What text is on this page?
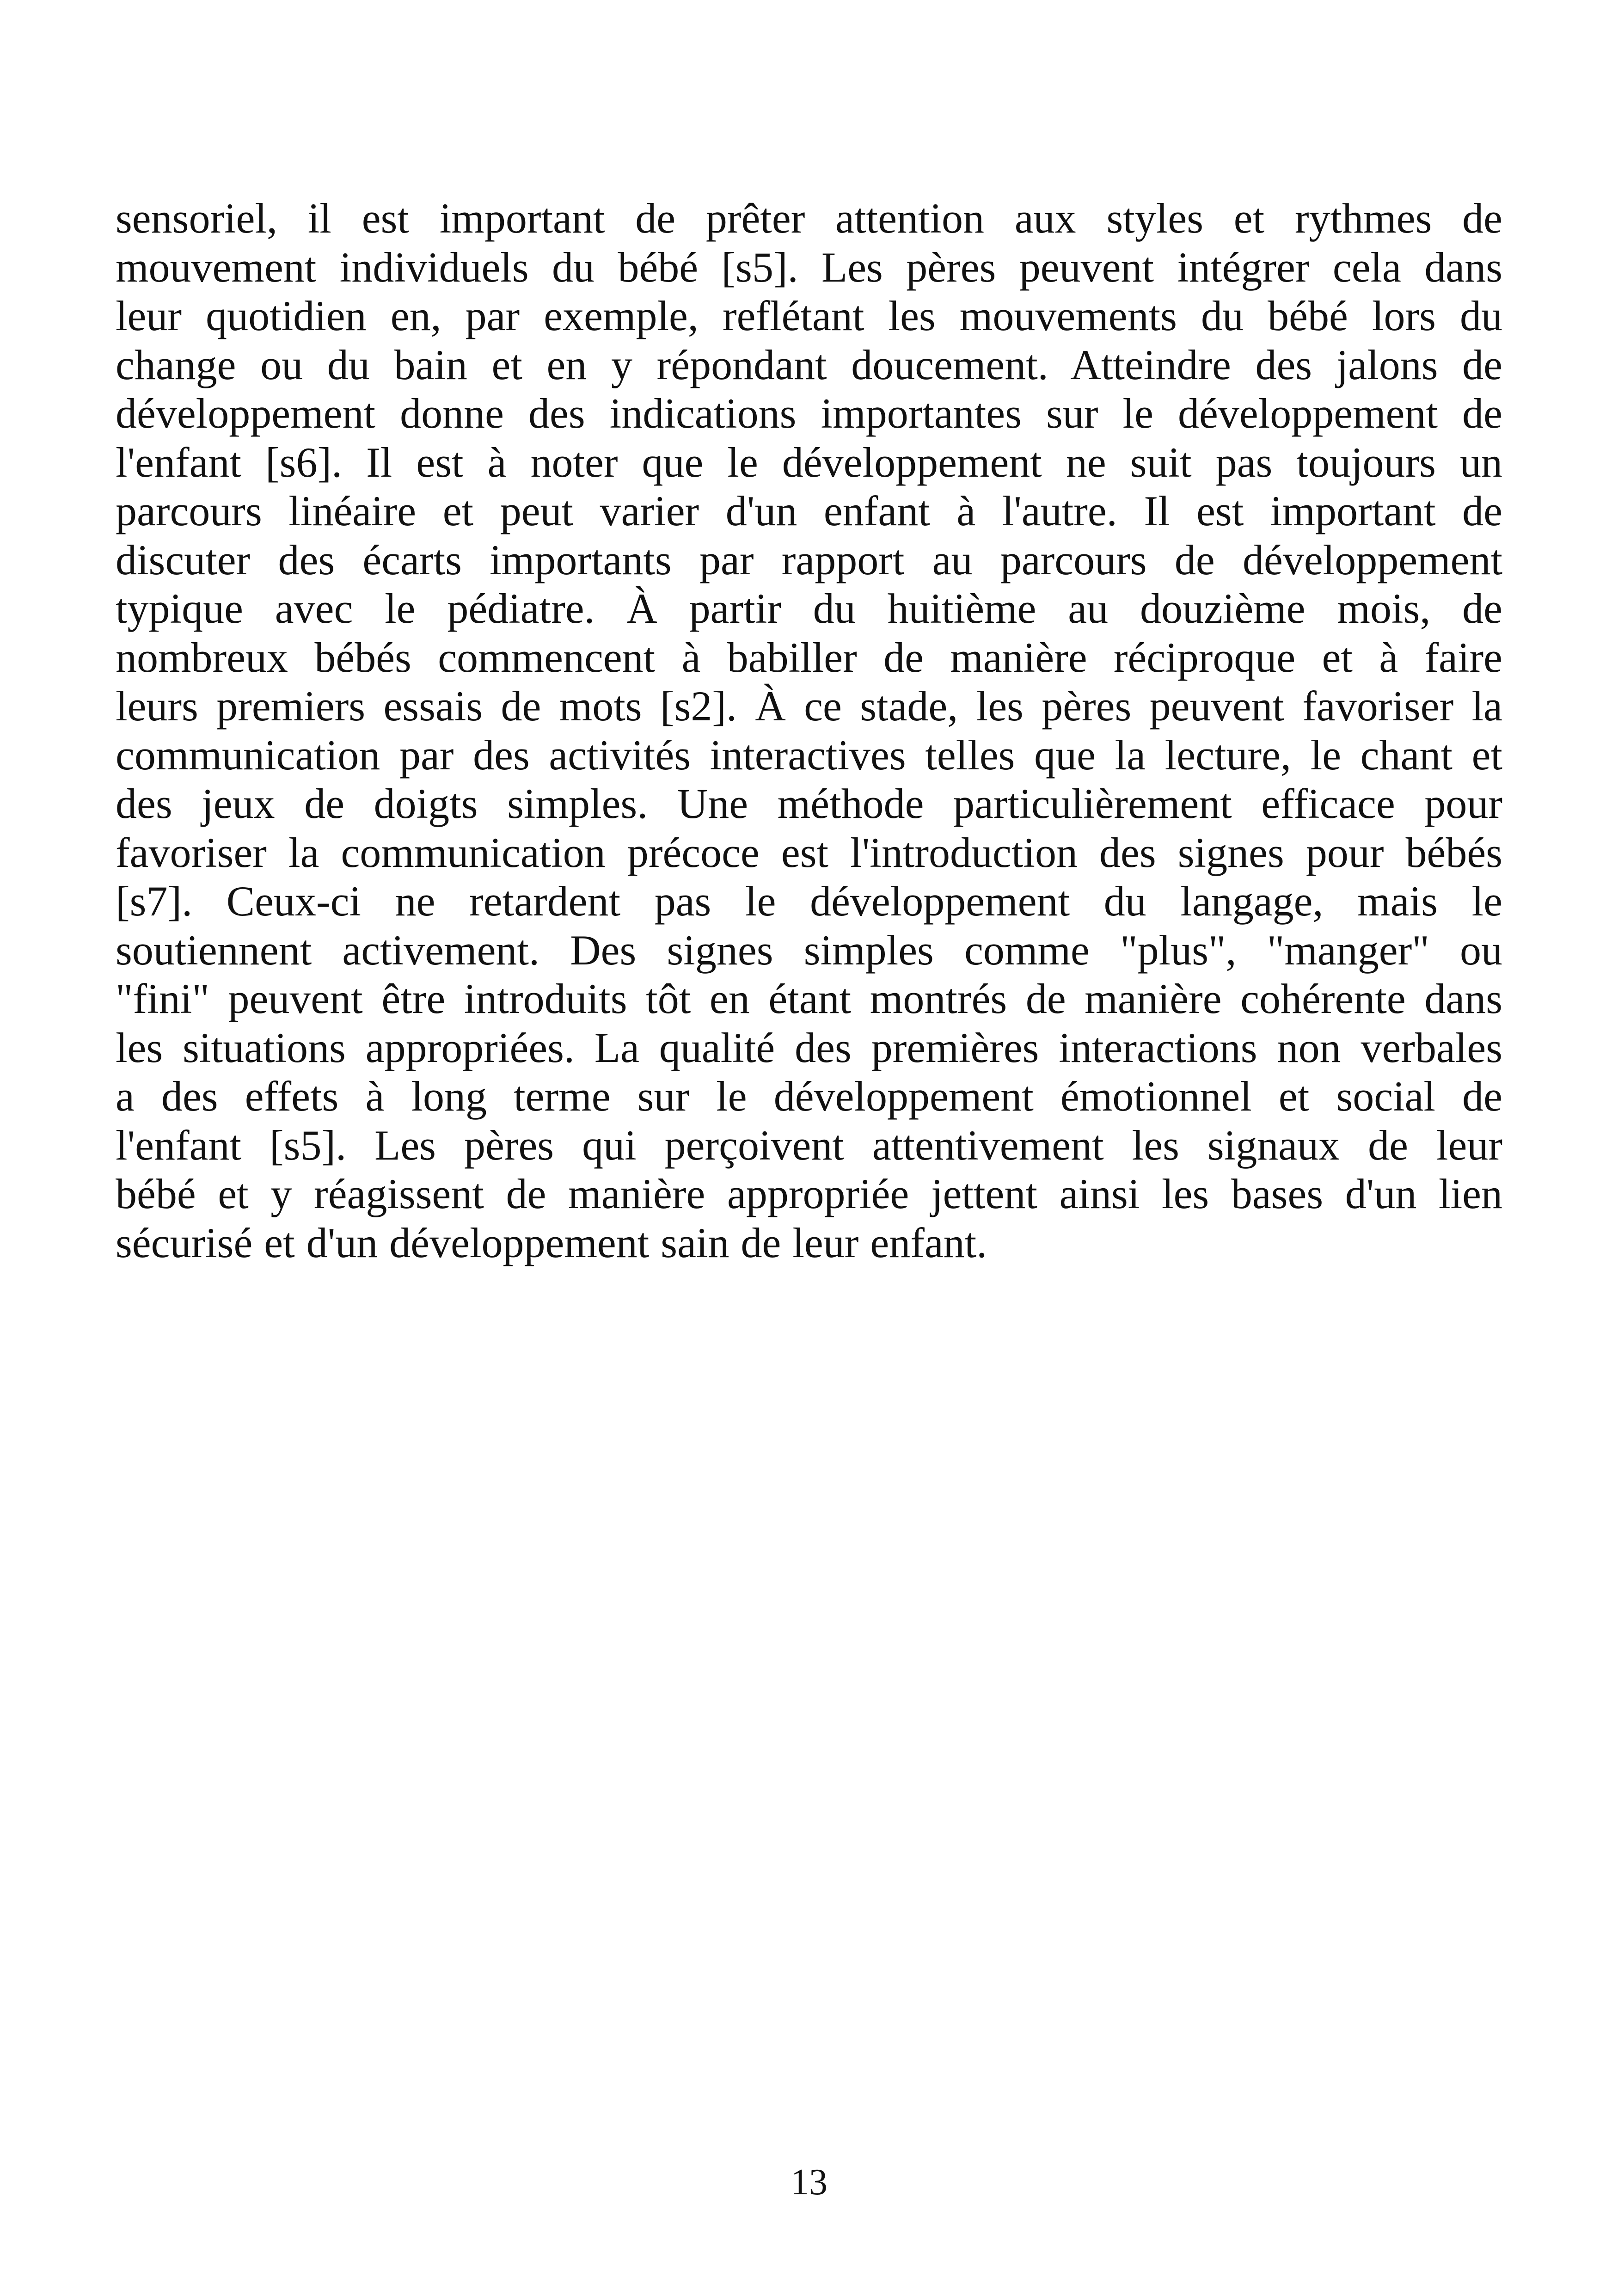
sensoriel, il est important de prêter attention aux styles et rythmes de
mouvement individuels du bébé [s5]. Les pères peuvent intégrer cela dans
leur quotidien en, par exemple, reflétant les mouvements du bébé lors du
change ou du bain et en y répondant doucement. Atteindre des jalons de
développement donne des indications importantes sur le développement de
l'enfant [s6]. Il est à noter que le développement ne suit pas toujours un
parcours linéaire et peut varier d'un enfant à l'autre. Il est important de
discuter des écarts importants par rapport au parcours de développement
typique avec le pédiatre. À partir du huitième au douzième mois, de
nombreux bébés commencent à babiller de manière réciproque et à faire
leurs premiers essais de mots [s2]. À ce stade, les pères peuvent favoriser la
communication par des activités interactives telles que la lecture, le chant et
des jeux de doigts simples. Une méthode particulièrement efficace pour
favoriser la communication précoce est l'introduction des signes pour bébés
[s7]. Ceux-ci ne retardent pas le développement du langage, mais le
soutiennent activement. Des signes simples comme "plus", "manger" ou
"fini" peuvent être introduits tôt en étant montrés de manière cohérente dans
les situations appropriées. La qualité des premières interactions non verbales
a des effets à long terme sur le développement émotionnel et social de
l'enfant [s5]. Les pères qui perçoivent attentivement les signaux de leur
bébé et y réagissent de manière appropriée jettent ainsi les bases d'un lien
sécurisé et d'un développement sain de leur enfant.
13
